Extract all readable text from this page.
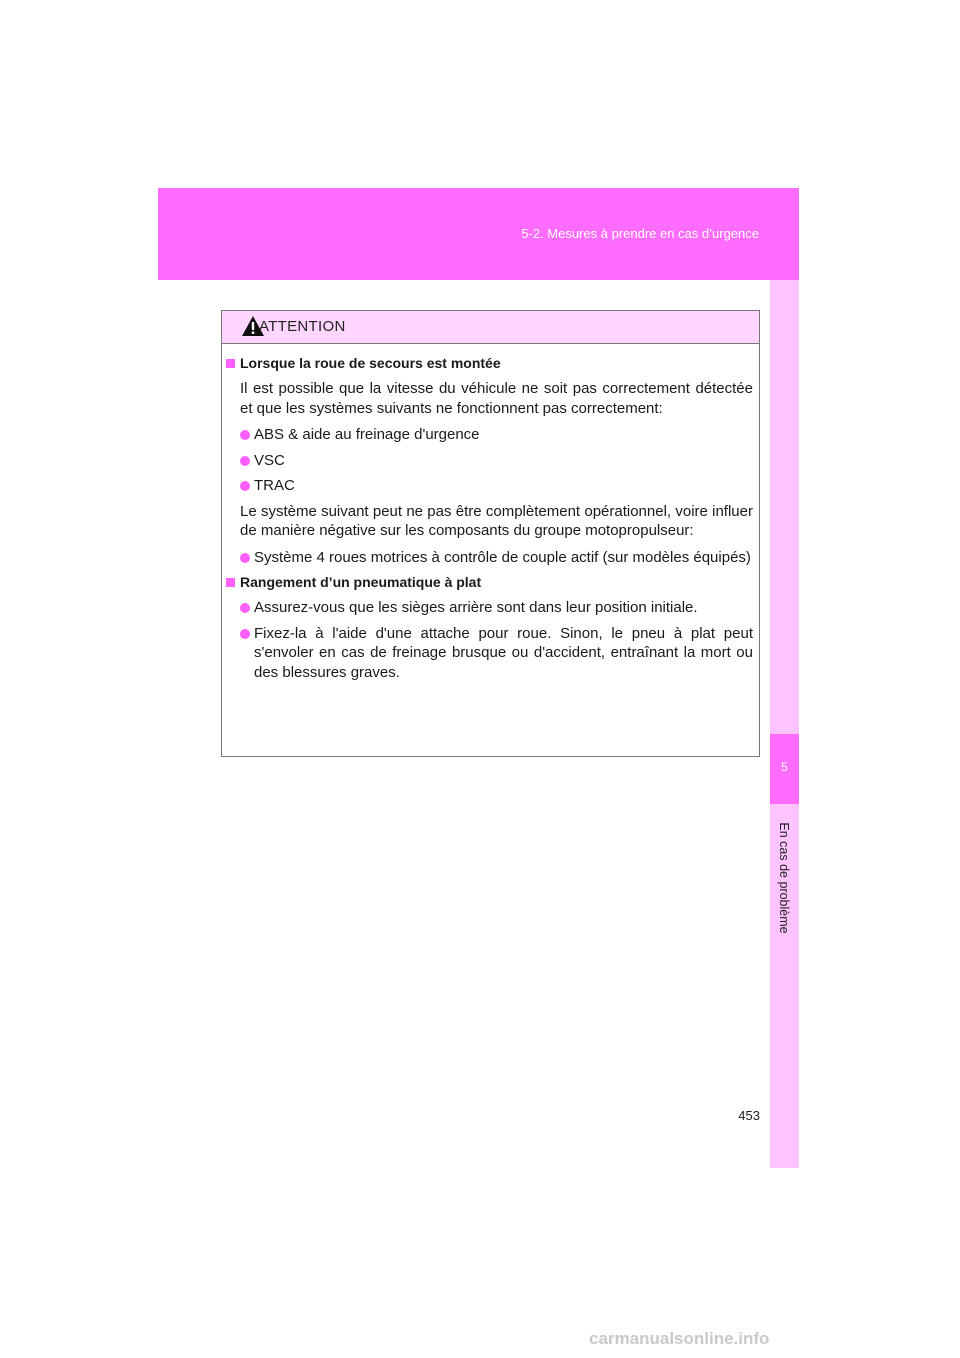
5-2. Mesures à prendre en cas d’urgence
5
En cas de problème
ATTENTION
Lorsque la roue de secours est montée
Il est possible que la vitesse du véhicule ne soit pas correctement détectée et que les systèmes suivants ne fonctionnent pas correctement:
ABS & aide au freinage d'urgence
VSC
TRAC
Le système suivant peut ne pas être complètement opérationnel, voire influer de manière négative sur les composants du groupe motopropulseur:
Système 4 roues motrices à contrôle de couple actif (sur modèles équipés)
Rangement d’un pneumatique à plat
Assurez-vous que les sièges arrière sont dans leur position initiale.
Fixez-la à l'aide d'une attache pour roue. Sinon, le pneu à plat peut s'envoler en cas de freinage brusque ou d'accident, entraînant la mort ou des blessures graves.
453
carmanualsonline.info
